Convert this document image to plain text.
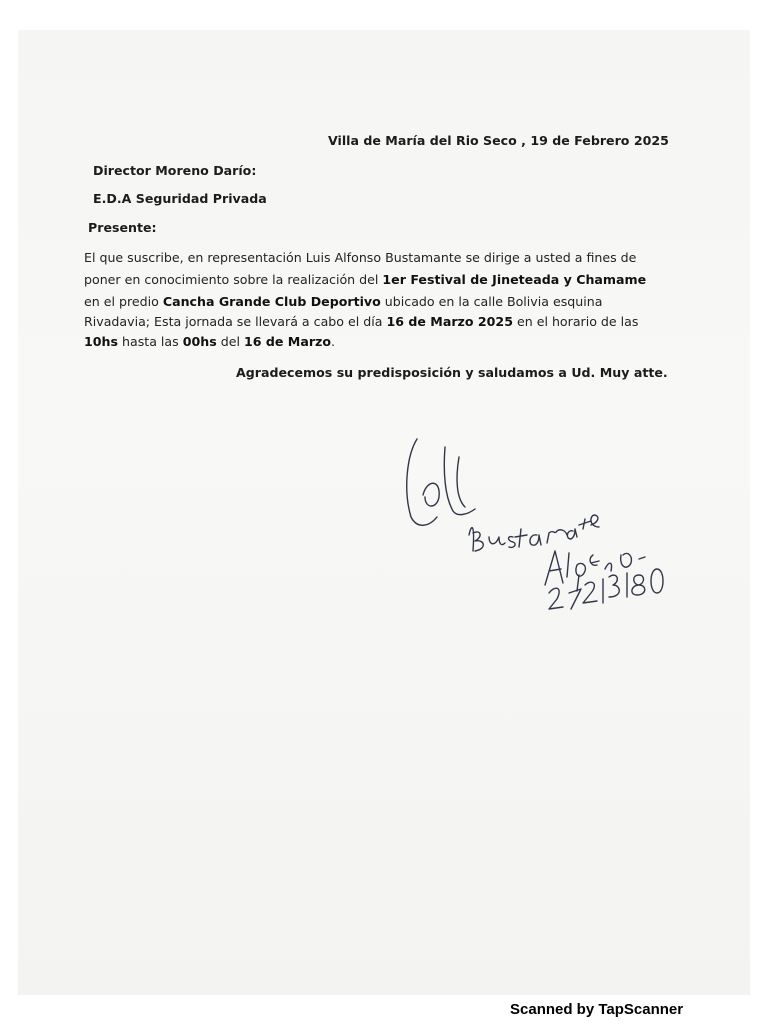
Villa de María del Rio Seco , 19 de Febrero 2025
Director Moreno Darío:
E.D.A Seguridad Privada
Presente:
El que suscribe, en representación Luis Alfonso Bustamante se dirige a usted a fines de
poner en conocimiento sobre la realización del 1er Festival de Jineteada y Chamame
en el predio Cancha Grande Club Deportivo ubicado en la calle Bolivia esquina
Rivadavia; Esta jornada se llevará a cabo el día 16 de Marzo 2025 en el horario de las
10hs hasta las 00hs del 16 de Marzo.
Agradecemos su predisposición y saludamos a Ud. Muy atte.
Scanned by TapScanner
